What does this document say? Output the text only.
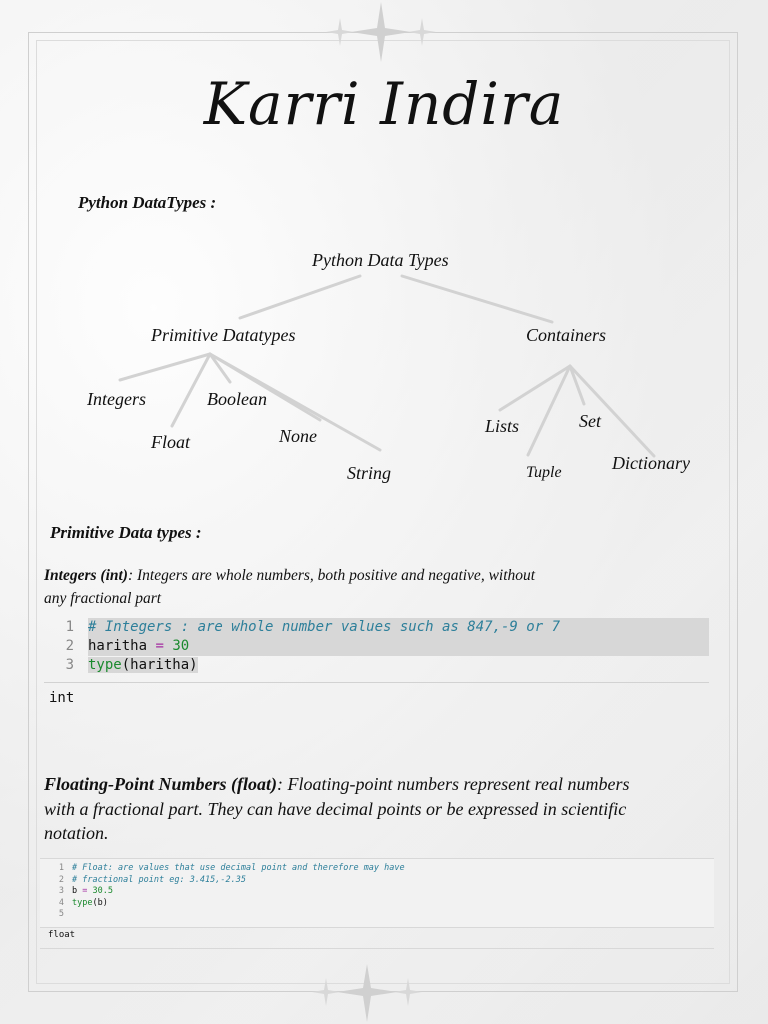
Karri Indira
Python DataTypes :
Python Data Types
Primitive Datatypes	Containers
Integers	Boolean
Float	None
String
Lists	Set
Tuple	Dictionary
Primitive Data types :
Integers (int): Integers are whole numbers, both positive and negative, without
any fractional part
1 # Integers : are whole number values such as 847,-9 or 7
2 haritha = 30
3 type(haritha)
int
Floating-Point Numbers (float): Floating-point numbers represent real numbers
with a fractional part. They can have decimal points or be expressed in scientific
notation.
1 # Float: are values that use decimal point and therefore may have
2 # fractional point eg: 3.415,-2.35
3 b = 30.5
4 type(b)
5
float
